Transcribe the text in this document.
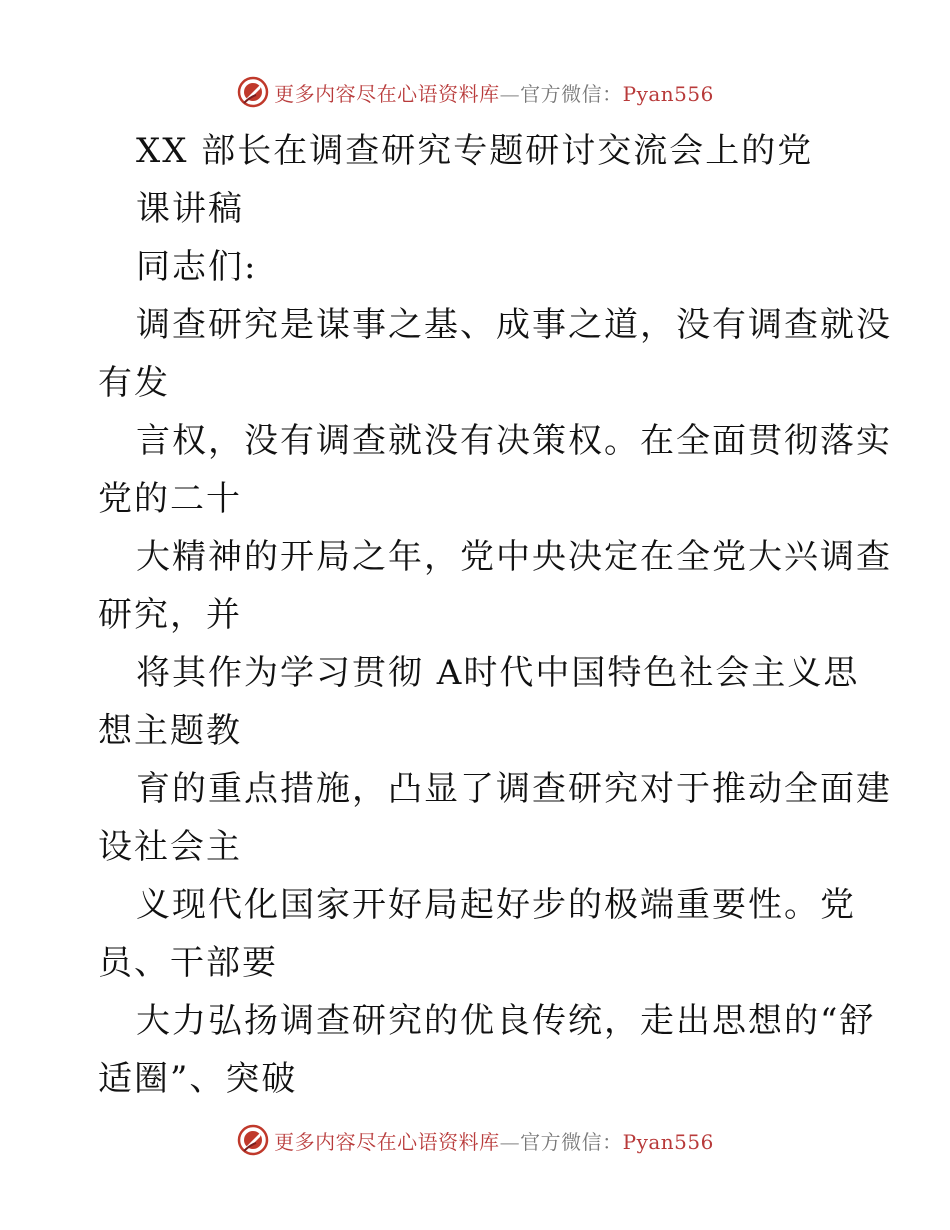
更多内容尽在心语资料库—官方微信：Pyan556
XX 部长在调查研究专题研讨交流会上的党
课讲稿
同志们:
调查研究是谋事之基、成事之道，没有调查就没
有发
言权，没有调查就没有决策权。在全面贯彻落实
党的二十
大精神的开局之年，党中央决定在全党大兴调查
研究，并
将其作为学习贯彻 A时代中国特色社会主义思
想主题教
育的重点措施，凸显了调查研究对于推动全面建
设社会主
义现代化国家开好局起好步的极端重要性。党
员、干部要
大力弘扬调查研究的优良传统，走出思想的“舒
适圈”、突破
更多内容尽在心语资料库—官方微信：Pyan556
